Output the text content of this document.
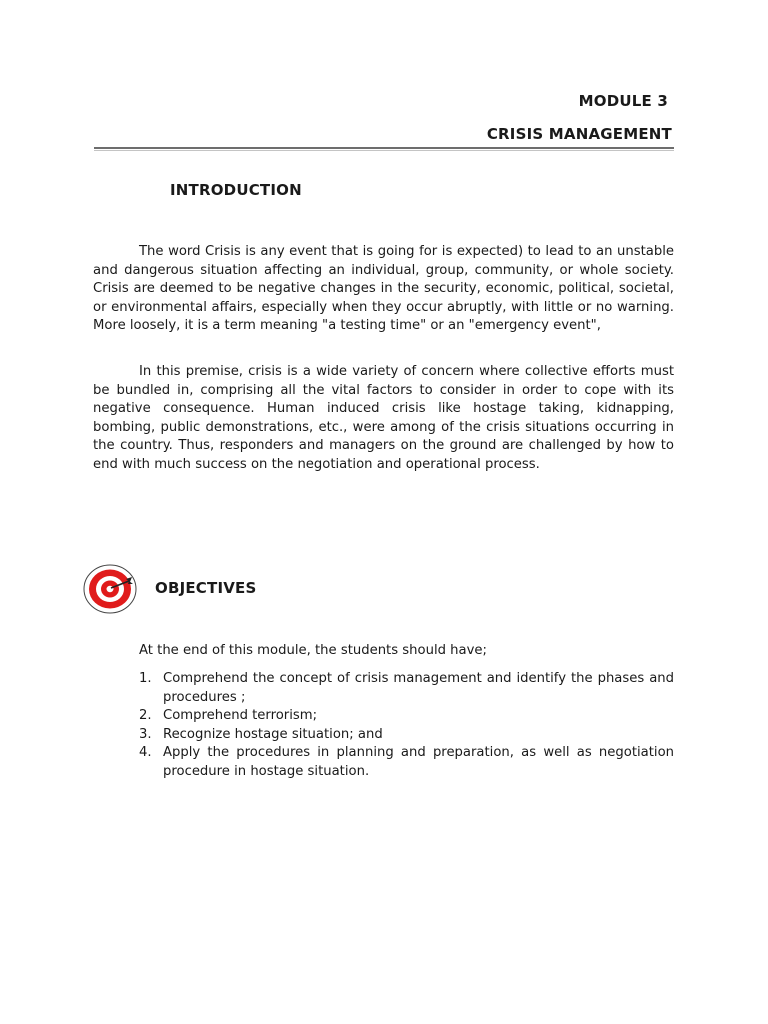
MODULE 3
CRISIS MANAGEMENT
INTRODUCTION

The word Crisis is any event that is going for is expected) to lead to an unstable and dangerous situation affecting an individual, group, community, or whole society. Crisis are deemed to be negative changes in the security, economic, political, societal, or environmental affairs, especially when they occur abruptly, with little or no warning. More loosely, it is a term meaning "a testing time" or an "emergency event",

In this premise, crisis is a wide variety of concern where collective efforts must be bundled in, comprising all the vital factors to consider in order to cope with its negative consequence. Human induced crisis like hostage taking, kidnapping, bombing, public demonstrations, etc., were among of the crisis situations occurring in the country. Thus, responders and managers on the ground are challenged by how to end with much success on the negotiation and operational process.

OBJECTIVES

At the end of this module, the students should have;

1. Comprehend the concept of crisis management and identify the phases and procedures ;
2. Comprehend terrorism;
3. Recognize hostage situation; and
4. Apply the procedures in planning and preparation, as well as negotiation procedure in hostage situation.
